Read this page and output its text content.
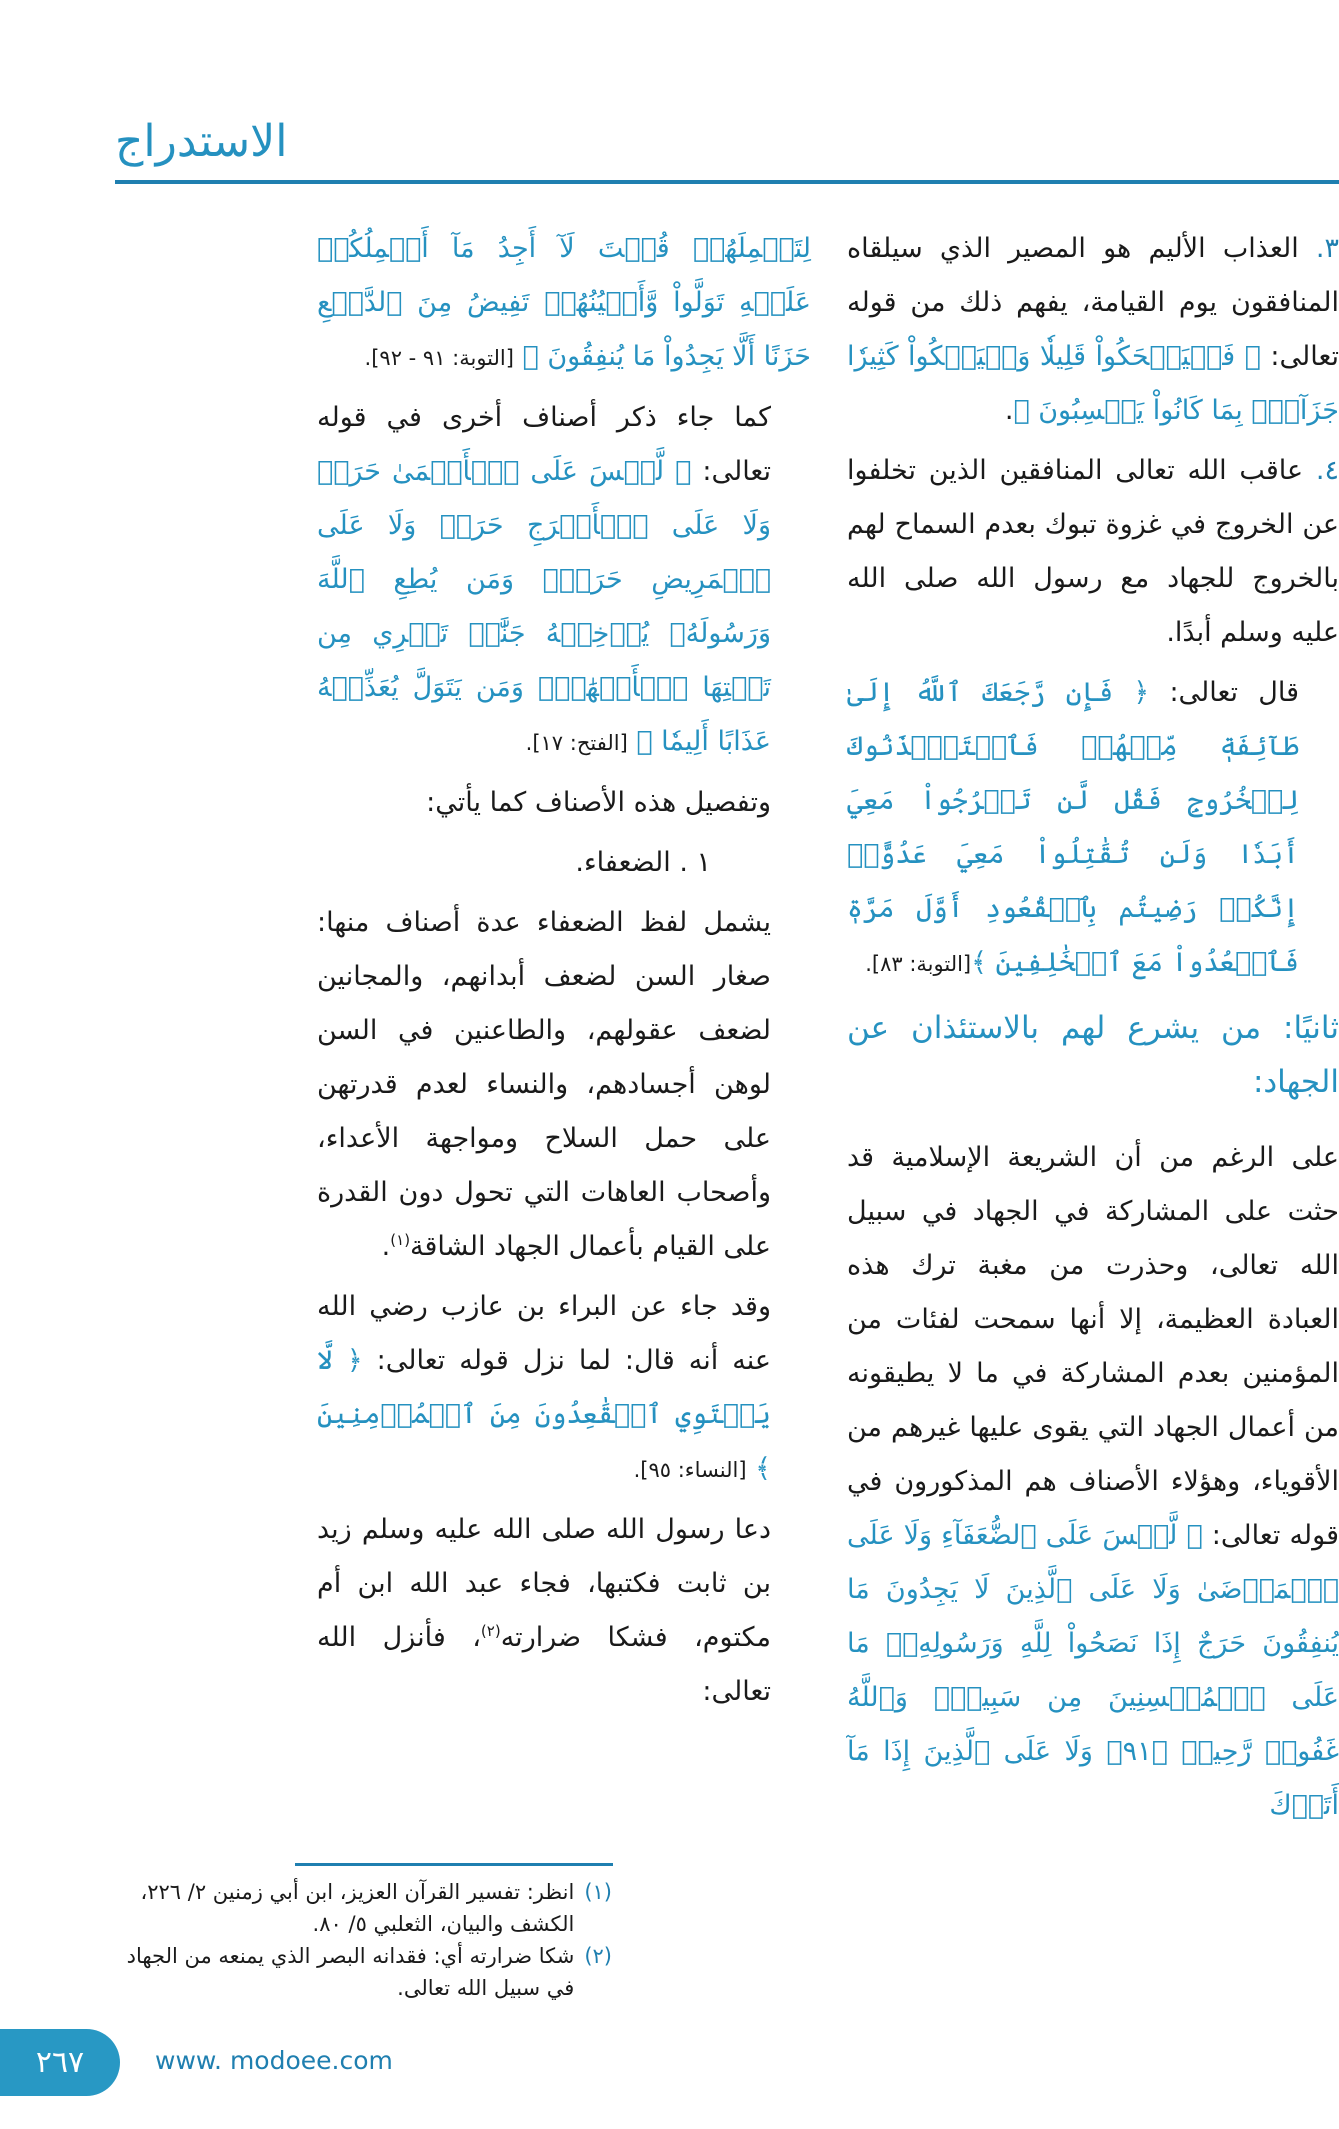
الاستدراج

٣. العذاب الأليم هو المصير الذي سيلقاه المنافقون يوم القيامة، يفهم ذلك من قوله تعالى: ﴿ فَلۡيَضۡحَكُواْ قَلِيلٗا وَلۡيَبۡكُواْ كَثِيرٗا جَزَآءَۢ بِمَا كَانُواْ يَكۡسِبُونَ ﴾.

٤. عاقب الله تعالى المنافقين الذين تخلفوا عن الخروج في غزوة تبوك بعدم السماح لهم بالخروج للجهاد مع رسول الله صلى الله عليه وسلم أبدًا.

قال تعالى: ﴿ فَإِن رَّجَعَكَ ٱللَّهُ إِلَىٰ طَآئِفَةٖ مِّنۡهُمۡ فَٱسۡتَـٔۡذَنُوكَ لِلۡخُرُوجِ فَقُل لَّن تَخۡرُجُواْ مَعِيَ أَبَدٗا وَلَن تُقَٰتِلُواْ مَعِيَ عَدُوًّاۖ إِنَّكُمۡ رَضِيتُم بِٱلۡقُعُودِ أَوَّلَ مَرَّةٖ فَٱقۡعُدُواْ مَعَ ٱلۡخَٰلِفِينَ ﴾[التوبة: ٨٣].

ثانيًا: من يشرع لهم بالاستئذان عن الجهاد:

على الرغم من أن الشريعة الإسلامية قد حثت على المشاركة في الجهاد في سبيل الله تعالى، وحذرت من مغبة ترك هذه العبادة العظيمة، إلا أنها سمحت لفئات من المؤمنين بعدم المشاركة في ما لا يطيقونه من أعمال الجهاد التي يقوى عليها غيرهم من الأقوياء، وهؤلاء الأصناف هم المذكورون في قوله تعالى: ﴿ لَّيۡسَ عَلَى ٱلضُّعَفَآءِ وَلَا عَلَى ٱلۡمَرۡضَىٰ وَلَا عَلَى ٱلَّذِينَ لَا يَجِدُونَ مَا يُنفِقُونَ حَرَجٌ إِذَا نَصَحُواْ لِلَّهِ وَرَسُولِهِۦۚ مَا عَلَى ٱلۡمُحۡسِنِينَ مِن سَبِيلٖۚ وَٱللَّهُ غَفُورٞ رَّحِيمٞ ﴿٩١﴾ وَلَا عَلَى ٱلَّذِينَ إِذَا مَآ أَتَوۡكَ

لِتَحۡمِلَهُمۡ قُلۡتَ لَآ أَجِدُ مَآ أَحۡمِلُكُمۡ عَلَيۡهِ تَوَلَّواْ وَّأَعۡيُنُهُمۡ تَفِيضُ مِنَ ٱلدَّمۡعِ حَزَنًا أَلَّا يَجِدُواْ مَا يُنفِقُونَ ﴾ [التوبة: ٩١ - ٩٢].

كما جاء ذكر أصناف أخرى في قوله تعالى: ﴿ لَّيۡسَ عَلَى ٱلۡأَعۡمَىٰ حَرَجٞ وَلَا عَلَى ٱلۡأَعۡرَجِ حَرَجٞ وَلَا عَلَى ٱلۡمَرِيضِ حَرَجٞۗ وَمَن يُطِعِ ٱللَّهَ وَرَسُولَهُۥ يُدۡخِلۡهُ جَنَّٰتٖ تَجۡرِي مِن تَحۡتِهَا ٱلۡأَنۡهَٰرُۖ وَمَن يَتَوَلَّ يُعَذِّبۡهُ عَذَابًا أَلِيمٗا ﴾ [الفتح: ١٧].

وتفصيل هذه الأصناف كما يأتي:

١ . الضعفاء.

يشمل لفظ الضعفاء عدة أصناف منها: صغار السن لضعف أبدانهم، والمجانين لضعف عقولهم، والطاعنين في السن لوهن أجسادهم، والنساء لعدم قدرتهن على حمل السلاح ومواجهة الأعداء، وأصحاب العاهات التي تحول دون القدرة على القيام بأعمال الجهاد الشاقة$^{(١)}$.

وقد جاء عن البراء بن عازب رضي الله عنه أنه قال: لما نزل قوله تعالى: ﴿ لَّا يَسۡتَوِي ٱلۡقَٰعِدُونَ مِنَ ٱلۡمُؤۡمِنِينَ ﴾ [النساء: ٩٥].

دعا رسول الله صلى الله عليه وسلم زيد بن ثابت فكتبها، فجاء عبد الله ابن أم مكتوم، فشكا ضرارته$^{(٢)}$، فأنزل الله تعالى:

(١)
انظر: تفسير القرآن العزيز، ابن أبي زمنين ٢/ ٢٢٦، الكشف والبيان، الثعلبي ٥/ ٨٠.
(٢)
شكا ضرارته أي: فقدانه البصر الذي يمنعه من الجهاد في سبيل الله تعالى.
٢٦٧	www. modoee.com
